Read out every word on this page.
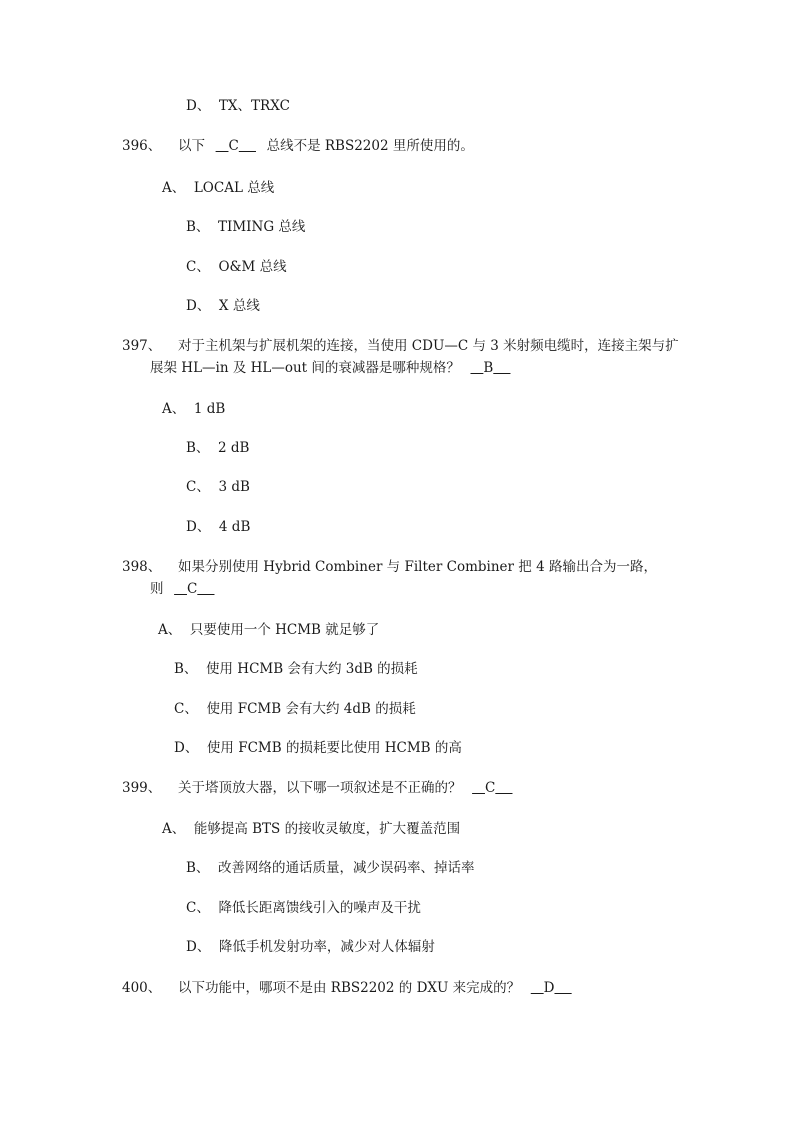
D、 TX、TRXC
396、 以下 C 总线不是 RBS2202 里所使用的。
A、 LOCAL 总线
B、 TIMING 总线
C、 O&M 总线
D、 X 总线
397、 对于主机架与扩展机架的连接，当使用 CDU—C 与 3 米射频电缆时，连接主架与扩
展架 HL—in 及 HL—out 间的衰减器是哪种规格？ B
A、 1 dB
B、 2 dB
C、 3 dB
D、 4 dB
398、 如果分别使用 Hybrid Combiner 与 Filter Combiner 把 4 路输出合为一路，
则 C
A、 只要使用一个 HCMB 就足够了
B、 使用 HCMB 会有大约 3dB 的损耗
C、 使用 FCMB 会有大约 4dB 的损耗
D、 使用 FCMB 的损耗要比使用 HCMB 的高
399、 关于塔顶放大器，以下哪一项叙述是不正确的？ C
A、 能够提高 BTS 的接收灵敏度，扩大覆盖范围
B、 改善网络的通话质量，减少误码率、掉话率
C、 降低长距离馈线引入的噪声及干扰
D、 降低手机发射功率，减少对人体辐射
400、 以下功能中，哪项不是由 RBS2202 的 DXU 来完成的？ D
